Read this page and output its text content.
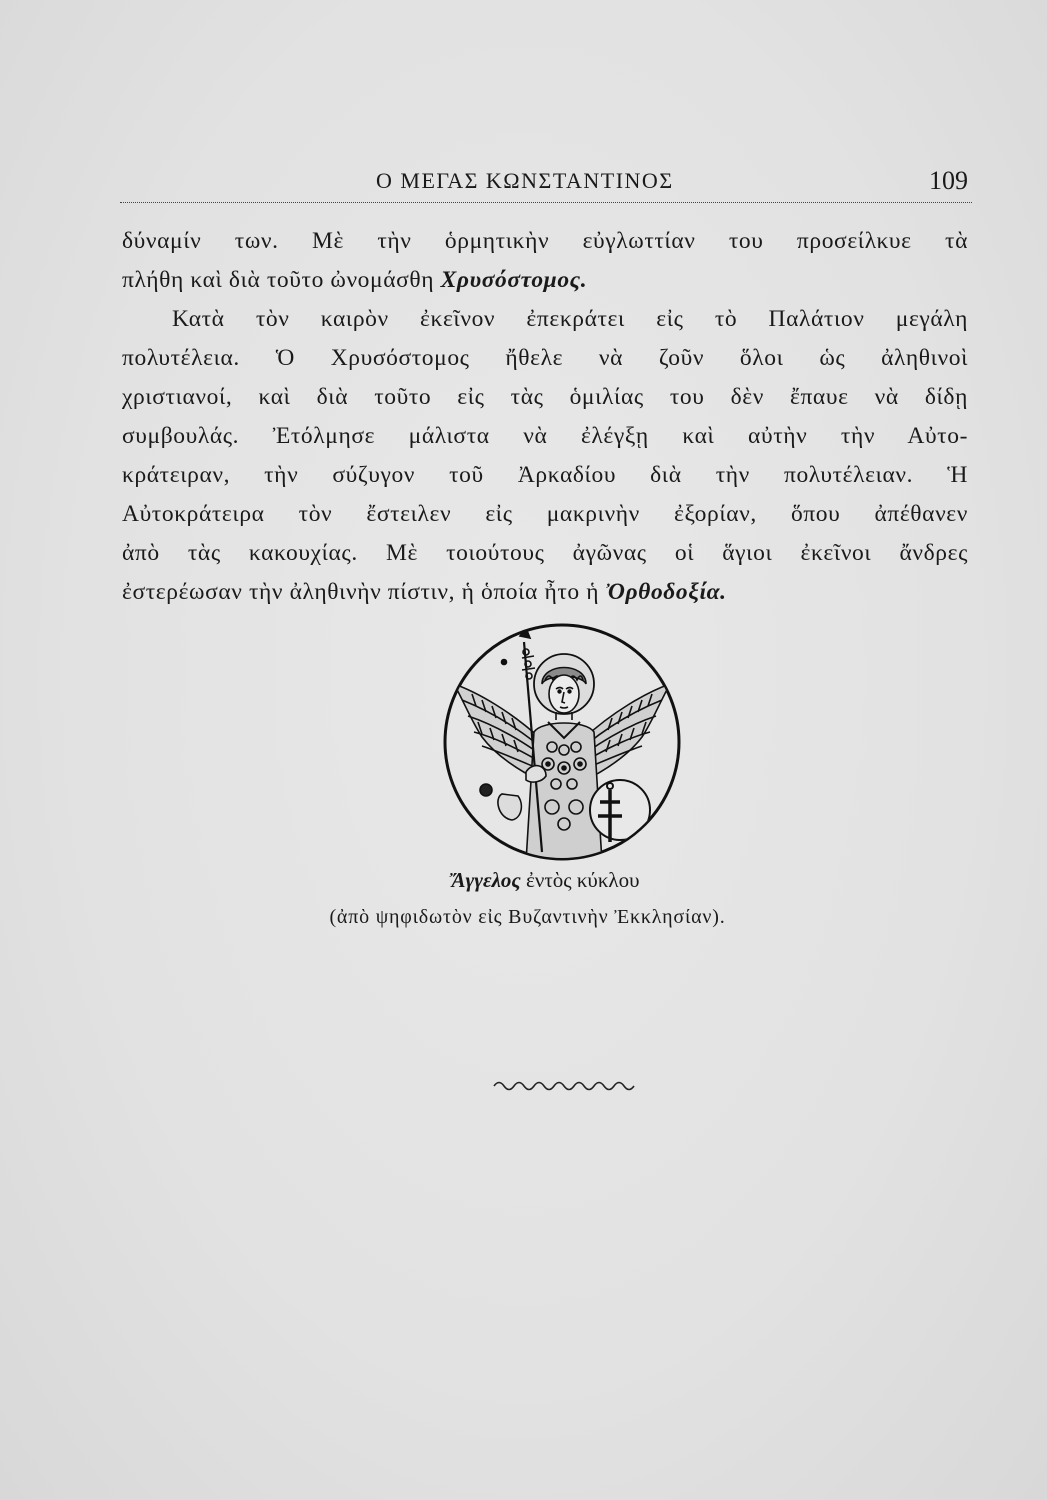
Ο ΜΕΓΑΣ ΚΩΝΣΤΑΝΤΙΝΟΣ	109
δύναμίν των. Μὲ τὴν ὁρμητικὴν εὐγλωττίαν του προσείλκυε τὰ
πλήθη καὶ διὰ τοῦτο ὠνομάσθη Χρυσόστομος.
Κατὰ τὸν καιρὸν ἐκεῖνον ἐπεκράτει εἰς τὸ Παλάτιον μεγάλη
πολυτέλεια. Ὁ Χρυσόστομος ἤθελε νὰ ζοῦν ὅλοι ὡς ἀληθινοὶ
χριστιανοί, καὶ διὰ τοῦτο εἰς τὰς ὁμιλίας του δὲν ἔπαυε νὰ δίδῃ
συμβουλάς. Ἐτόλμησε μάλιστα νὰ ἐλέγξῃ καὶ αὐτὴν τὴν Αὐτο-
κράτειραν, τὴν σύζυγον τοῦ Ἀρκαδίου διὰ τὴν πολυτέλειαν. Ἡ
Αὐτοκράτειρα τὸν ἔστειλεν εἰς μακρινὴν ἐξορίαν, ὅπου ἀπέθανεν
ἀπὸ τὰς κακουχίας. Μὲ τοιούτους ἀγῶνας οἱ ἅγιοι ἐκεῖνοι ἄνδρες
ἐστερέωσαν τὴν ἀληθινὴν πίστιν, ἡ ὁποία ἦτο ἡ Ὀρθοδοξία.
Ἄγγελος ἐντὸς κύκλου
(ἀπὸ ψηφιδωτὸν εἰς Βυζαντινὴν Ἐκκλησίαν).
